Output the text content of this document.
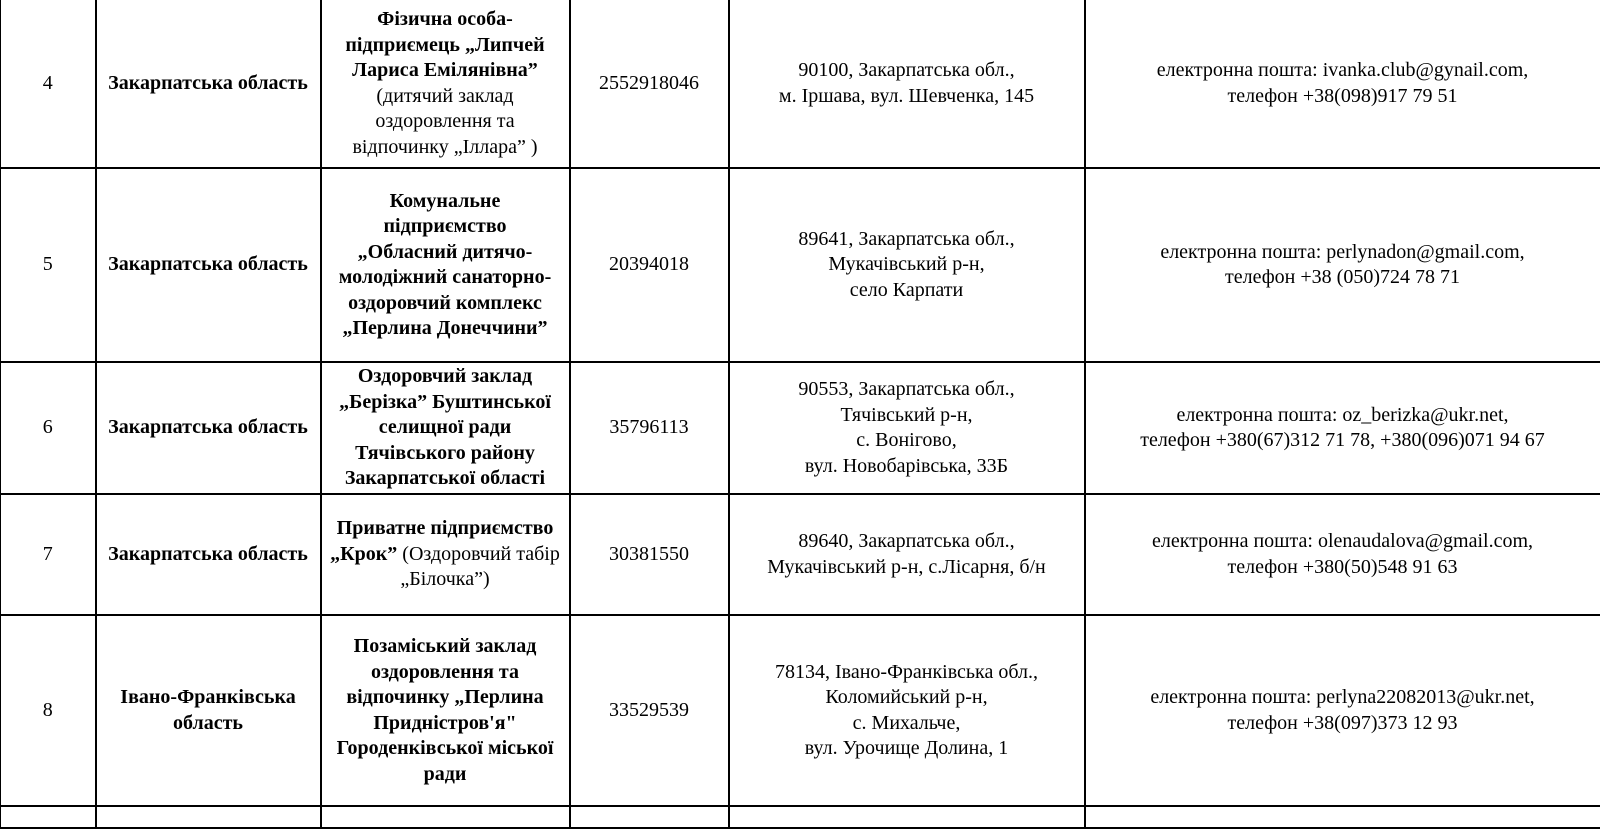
4	Закарпатська область	Фізична особа-підприємець „Липчей Лариса Емілянівна” (дитячий заклад оздоровлення та відпочинку „Іллара” )	2552918046	90100, Закарпатська обл.,
м. Іршава, вул. Шевченка, 145	електронна пошта: ivanka.club@gynail.com,
телефон +38(098)917 79 51

5	Закарпатська область	Комунальне підприємство „Обласний дитячо-молодіжний санаторно-оздоровчий комплекс „Перлина Донеччини”	20394018	89641, Закарпатська обл.,
Мукачівський р-н,
село Карпати	електронна пошта: perlynadon@gmail.com,
телефон +38 (050)724 78 71

6	Закарпатська область	Оздоровчий заклад „Берізка” Буштинської селищної ради Тячівського району Закарпатської області	35796113	90553, Закарпатська обл.,
Тячівський р-н,
с. Вонігово,
вул. Новобарівська, 33Б	електронна пошта: oz_berizka@ukr.net,
телефон +380(67)312 71 78, +380(096)071 94 67

7	Закарпатська область	Приватне підприємство „Крок” (Оздоровчий табір „Білочка”)	30381550	89640, Закарпатська обл.,
Мукачівський р-н, с.Лісарня, б/н	електронна пошта: olenaudalova@gmail.com,
телефон +380(50)548 91 63

8	Івано-Франківська область	Позаміський заклад оздоровлення та відпочинку „Перлина Придністров'я" Городенківської міської ради	33529539	78134, Івано-Франківська обл.,
Коломийський р-н,
с. Михальче,
вул. Урочище Долина, 1	електронна пошта: perlyna22082013@ukr.net,
телефон +38(097)373 12 93
